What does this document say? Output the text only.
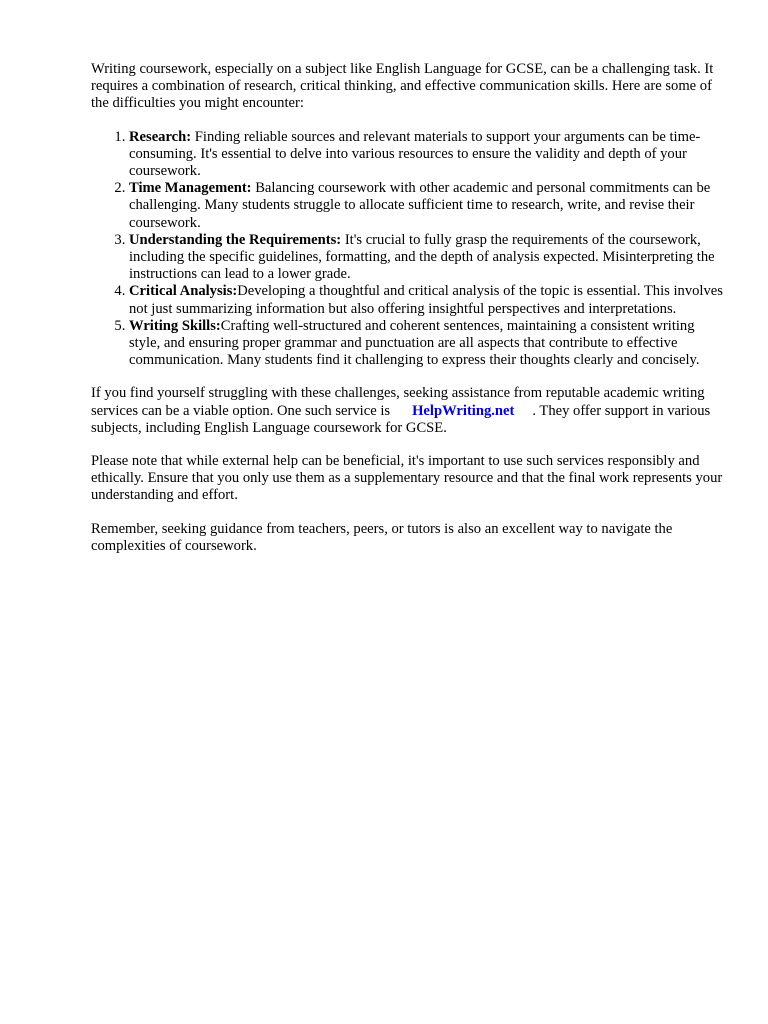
Writing coursework, especially on a subject like English Language for GCSE, can be a challenging task. It requires a combination of research, critical thinking, and effective communication skills. Here are some of the difficulties you might encounter:

1. Research: Finding reliable sources and relevant materials to support your arguments can be time-consuming. It's essential to delve into various resources to ensure the validity and depth of your coursework.
2. Time Management: Balancing coursework with other academic and personal commitments can be challenging. Many students struggle to allocate sufficient time to research, write, and revise their coursework.
3. Understanding the Requirements: It's crucial to fully grasp the requirements of the coursework, including the specific guidelines, formatting, and the depth of analysis expected. Misinterpreting the instructions can lead to a lower grade.
4. Critical Analysis:Developing a thoughtful and critical analysis of the topic is essential. This involves not just summarizing information but also offering insightful perspectives and interpretations.
5. Writing Skills:Crafting well-structured and coherent sentences, maintaining a consistent writing style, and ensuring proper grammar and punctuation are all aspects that contribute to effective communication. Many students find it challenging to express their thoughts clearly and concisely.

If you find yourself struggling with these challenges, seeking assistance from reputable academic writing services can be a viable option. One such service is HelpWriting.net . They offer support in various subjects, including English Language coursework for GCSE.

Please note that while external help can be beneficial, it's important to use such services responsibly and ethically. Ensure that you only use them as a supplementary resource and that the final work represents your understanding and effort.

Remember, seeking guidance from teachers, peers, or tutors is also an excellent way to navigate the complexities of coursework.
